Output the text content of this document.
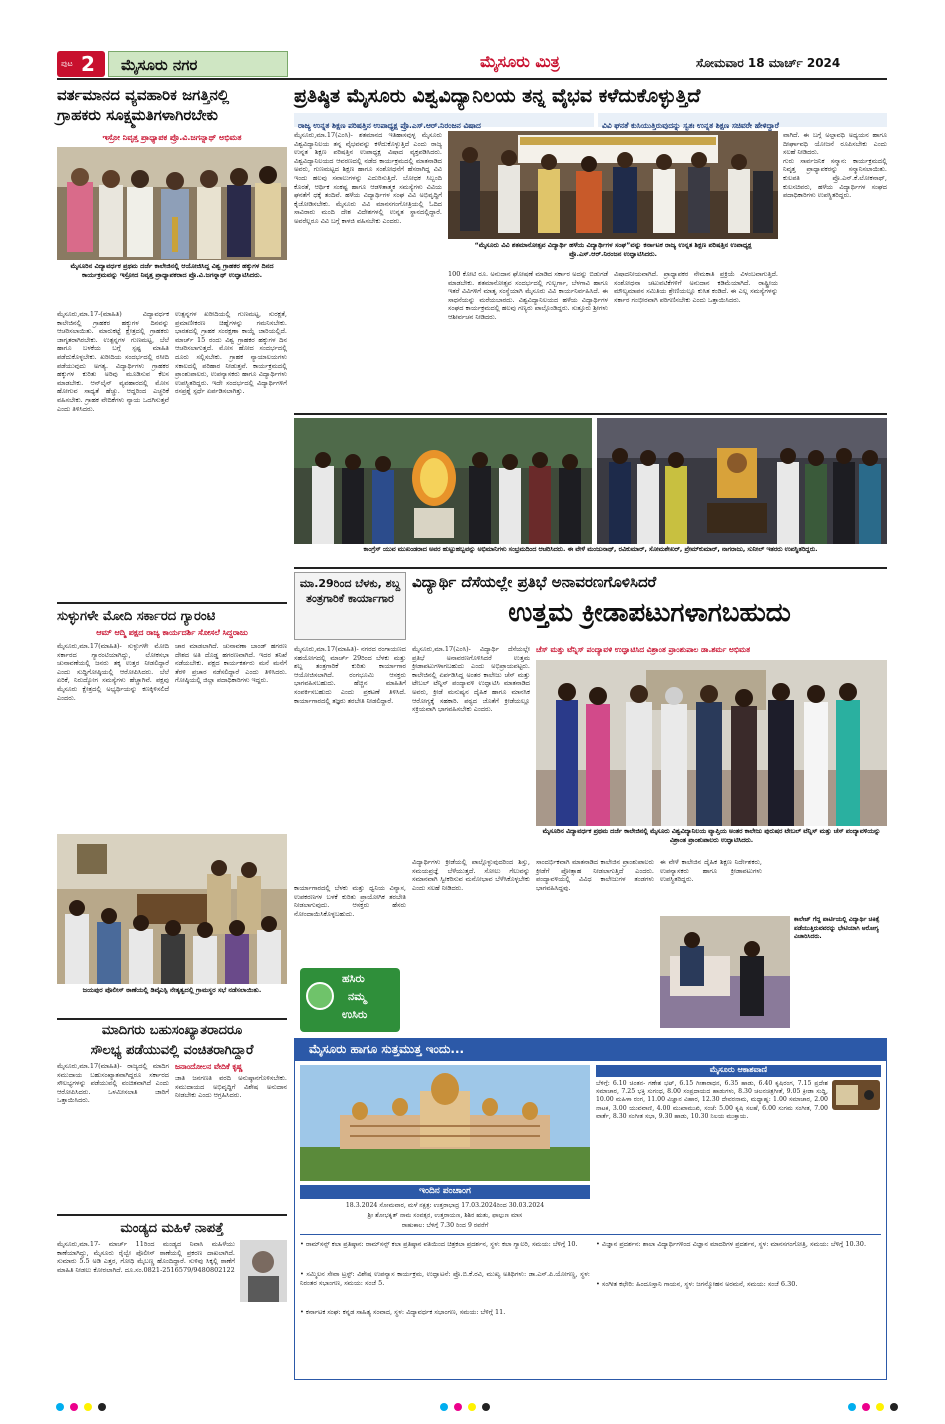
ಪುಟ 2 ಮೈಸೂರು ನಗರ	ಮೈಸೂರು ಮಿತ್ರ	ಸೋಮವಾರ 18 ಮಾರ್ಚ್ 2024
ವರ್ತಮಾನದ ವ್ಯವಹಾರಿಕ ಜಗತ್ತಿನಲ್ಲಿ
ಗ್ರಾಹಕರು ಸೂಕ್ಷ್ಮಮತಿಗಳಾಗಿರಬೇಕು
ಇಸ್ರೋ ನಿವೃತ್ತ ಪ್ರಾಧ್ಯಾಪಕ ಪ್ರೊ.ವಿ.ಜಗನ್ನಾಥ್ ಅಭಿಮತ
ಮೈಸೂರಿನ ವಿದ್ಯಾವರ್ಧಕ ಪ್ರಥಮ ದರ್ಜೆ ಕಾಲೇಜಿನಲ್ಲಿ ಆಯೋಜಿಸಿದ್ದ ವಿಶ್ವ ಗ್ರಾಹಕರ ಹಕ್ಕುಗಳ ದಿನದ ಕಾರ್ಯಕ್ರಮವನ್ನು ಇಸ್ರೋದ ನಿವೃತ್ತ ಪ್ರಾಧ್ಯಾಪಕರಾದ ಪ್ರೊ.ವಿ.ಜಗನ್ನಾಥ್ ಉದ್ಘಾಟಿಸಿದರು.
ಮೈಸೂರು,ಮಾ.17-(ಮಾಹಿತಿ) ವಿದ್ಯಾವರ್ಧಕ ಕಾಲೇಜಿನಲ್ಲಿ ಗ್ರಾಹಕರ ಹಕ್ಕುಗಳ ದಿನವನ್ನು ಆಚರಿಸಲಾಯಿತು. ಮಾರುಕಟ್ಟೆ ಕ್ಷೇತ್ರದಲ್ಲಿ ಗ್ರಾಹಕರು ಜಾಗೃತರಾಗಿರಬೇಕು. ಉತ್ಪನ್ನಗಳ ಗುಣಮಟ್ಟ, ಬೆಲೆ ಹಾಗೂ ಬಳಕೆಯ ಬಗ್ಗೆ ಸ್ಪಷ್ಟ ಮಾಹಿತಿ ಪಡೆದುಕೊಳ್ಳಬೇಕು. ಖರೀದಿಯ ಸಂದರ್ಭದಲ್ಲಿ ರಸೀದಿ ಪಡೆಯುವುದು ಅಗತ್ಯ. ವಿದ್ಯಾರ್ಥಿಗಳು ಗ್ರಾಹಕರ ಹಕ್ಕುಗಳ ಕುರಿತು ಅರಿವು ಮೂಡಿಸುವ ಕೆಲಸ ಮಾಡಬೇಕು. ಆನ್‌ಲೈನ್ ವ್ಯವಹಾರದಲ್ಲಿ ಮೋಸ ಹೋಗುವ ಸಾಧ್ಯತೆ ಹೆಚ್ಚು. ಆದ್ದರಿಂದ ಎಚ್ಚರಿಕೆ ವಹಿಸಬೇಕು. ಗ್ರಾಹಕ ವೇದಿಕೆಗಳು ನ್ಯಾಯ ಒದಗಿಸುತ್ತವೆ ಎಂದು ತಿಳಿಸಿದರು.
ಉತ್ಪನ್ನಗಳ ಖರೀದಿಯಲ್ಲಿ ಗುಣಮಟ್ಟ, ಸುರಕ್ಷತೆ, ಪ್ರಮಾಣೀಕರಣ ಚಿಹ್ನೆಗಳನ್ನು ಗಮನಿಸಬೇಕು. ಭಾರತದಲ್ಲಿ ಗ್ರಾಹಕ ಸಂರಕ್ಷಣಾ ಕಾಯ್ದೆ ಜಾರಿಯಲ್ಲಿದೆ. ಮಾರ್ಚ್ 15 ರಂದು ವಿಶ್ವ ಗ್ರಾಹಕರ ಹಕ್ಕುಗಳ ದಿನ ಆಚರಿಸಲಾಗುತ್ತದೆ. ಮೋಸ ಹೋದ ಸಂದರ್ಭದಲ್ಲಿ ದೂರು ಸಲ್ಲಿಸಬೇಕು. ಗ್ರಾಹಕ ನ್ಯಾಯಾಲಯಗಳು ಸಕಾಲದಲ್ಲಿ ಪರಿಹಾರ ನೀಡುತ್ತವೆ. ಕಾರ್ಯಕ್ರಮದಲ್ಲಿ ಪ್ರಾಂಶುಪಾಲರು, ಉಪನ್ಯಾಸಕರು ಹಾಗೂ ವಿದ್ಯಾರ್ಥಿಗಳು ಉಪಸ್ಥಿತರಿದ್ದರು. ಇದೇ ಸಂದರ್ಭದಲ್ಲಿ ವಿದ್ಯಾರ್ಥಿಗಳಿಗೆ ರಸಪ್ರಶ್ನೆ ಸ್ಪರ್ಧೆ ಏರ್ಪಡಿಸಲಾಗಿತ್ತು.
ಪ್ರತಿಷ್ಠಿತ ಮೈಸೂರು ವಿಶ್ವವಿದ್ಯಾನಿಲಯ ತನ್ನ ವೈಭವ ಕಳೆದುಕೊಳ್ಳುತ್ತಿದೆ
ರಾಜ್ಯ ಉನ್ನತ ಶಿಕ್ಷಣ ಪರಿಷತ್ತಿನ ಉಪಾಧ್ಯಕ್ಷ ಪ್ರೊ.ಎಸ್.ಆರ್.ನಿರಂಜನ ವಿಷಾದ	ವಿವಿ ಘನತೆ ಕುಸಿಯುತ್ತಿರುವುದನ್ನು ಸ್ವತಃ ಉನ್ನತ ಶಿಕ್ಷಣ ಸಚಿವರೇ ಹೇಳಿದ್ದಾರೆ
ಮೈಸೂರು,ಮಾ.17(ಎಂಸಿ)- ಶತಮಾನದ ಇತಿಹಾಸವುಳ್ಳ ಮೈಸೂರು ವಿಶ್ವವಿದ್ಯಾನಿಲಯ ತನ್ನ ವೈಭವವನ್ನು ಕಳೆದುಕೊಳ್ಳುತ್ತಿದೆ ಎಂದು ರಾಜ್ಯ ಉನ್ನತ ಶಿಕ್ಷಣ ಪರಿಷತ್ತಿನ ಉಪಾಧ್ಯಕ್ಷ ವಿಷಾದ ವ್ಯಕ್ತಪಡಿಸಿದರು. ವಿಶ್ವವಿದ್ಯಾನಿಲಯದ ಆವರಣದಲ್ಲಿ ನಡೆದ ಕಾರ್ಯಕ್ರಮದಲ್ಲಿ ಮಾತನಾಡಿದ ಅವರು, ಗುಣಮಟ್ಟದ ಶಿಕ್ಷಣ ಹಾಗೂ ಸಂಶೋಧನೆಗೆ ಹೆಸರಾಗಿದ್ದ ವಿವಿ ಇಂದು ಹಲವು ಸವಾಲುಗಳನ್ನು ಎದುರಿಸುತ್ತಿದೆ. ಬೋಧಕ ಸಿಬ್ಬಂದಿ ಕೊರತೆ, ಆರ್ಥಿಕ ಸಂಕಷ್ಟ ಹಾಗೂ ಆಡಳಿತಾತ್ಮಕ ಸಮಸ್ಯೆಗಳು ವಿವಿಯ ಘನತೆಗೆ ಧಕ್ಕೆ ತಂದಿವೆ. ಹಳೆಯ ವಿದ್ಯಾರ್ಥಿಗಳ ಸಂಘ ವಿವಿ ಅಭಿವೃದ್ಧಿಗೆ ಕೈಜೋಡಿಸಬೇಕು. ಮೈಸೂರು ವಿವಿ ಮಾನಸಗಂಗೋತ್ರಿಯಲ್ಲಿ ಓದಿದ ಸಾವಿರಾರು ಮಂದಿ ದೇಶ ವಿದೇಶಗಳಲ್ಲಿ ಉನ್ನತ ಸ್ಥಾನದಲ್ಲಿದ್ದಾರೆ. ಅವರೆಲ್ಲರೂ ವಿವಿ ಬಗ್ಗೆ ಕಾಳಜಿ ವಹಿಸಬೇಕು ಎಂದರು.
“ಮೈಸೂರು ವಿವಿ ಶತಮಾನೋತ್ಸವ ವಿದ್ಯಾರ್ಥಿ ಹಳೆಯ ವಿದ್ಯಾರ್ಥಿಗಳ ಸಂಘ”ವನ್ನು ಕರ್ನಾಟಕ ರಾಜ್ಯ ಉನ್ನತ ಶಿಕ್ಷಣ ಪರಿಷತ್ತಿನ ಉಪಾಧ್ಯಕ್ಷ ಪ್ರೊ.ಎಸ್.ಆರ್.ನಿರಂಜನ ಉದ್ಘಾಟಿಸಿದರು.
ವಾಗಿದೆ. ಈ ಬಗ್ಗೆ ಅಲ್ಪಾವಧಿ ಅಧ್ಯಯನ ಹಾಗೂ ದೀರ್ಘಾವಧಿ ಯೋಜನೆ ರೂಪಿಸಬೇಕು ಎಂದು ಸಲಹೆ ನೀಡಿದರು.
ಗುರು ಸಾರ್ವಜನಿಕ ಸನ್ಮಾನ: ಕಾರ್ಯಕ್ರಮದಲ್ಲಿ ನಿವೃತ್ತ ಪ್ರಾಧ್ಯಾಪಕರನ್ನು ಸನ್ಮಾನಿಸಲಾಯಿತು. ಕುಲಪತಿ ಪ್ರೊ.ಎನ್.ಕೆ.ಲೋಕನಾಥ್, ಕುಲಸಚಿವರು, ಹಳೆಯ ವಿದ್ಯಾರ್ಥಿಗಳ ಸಂಘದ ಪದಾಧಿಕಾರಿಗಳು ಉಪಸ್ಥಿತರಿದ್ದರು.
100 ಕೋಟಿ ರೂ. ಅನುದಾನ ಘೋಷಣೆ ಮಾಡಿದ ಸರ್ಕಾರ ಅದನ್ನು ಬಿಡುಗಡೆ ಮಾಡಬೇಕು. ಶತಮಾನೋತ್ಸವ ಸಂದರ್ಭದಲ್ಲಿ ಗುಲ್ಬರ್ಗಾ, ಬೆಳಗಾವಿ ಹಾಗೂ ಇತರೆ ವಿವಿಗಳಿಗೆ ಮಾತೃ ಸಂಸ್ಥೆಯಾಗಿ ಮೈಸೂರು ವಿವಿ ಕಾರ್ಯನಿರ್ವಹಿಸಿದೆ. ಈ ಸಾಧನೆಯನ್ನು ಮರೆಯಬಾರದು. ವಿಶ್ವವಿದ್ಯಾನಿಲಯದ ಹಳೆಯ ವಿದ್ಯಾರ್ಥಿಗಳ ಸಂಘದ ಕಾರ್ಯಕ್ರಮದಲ್ಲಿ ಹಲವು ಗಣ್ಯರು ಪಾಲ್ಗೊಂಡಿದ್ದರು. ಸುತ್ತೂರು ಶ್ರೀಗಳು ಆಶೀರ್ವಚನ ನೀಡಿದರು.
ವಿಷಾದನೀಯವಾಗಿದೆ. ಪ್ರಾಧ್ಯಾಪಕರ ನೇಮಕಾತಿ ಪ್ರಕ್ರಿಯೆ ವಿಳಂಬವಾಗುತ್ತಿದೆ. ಸಂಶೋಧನಾ ಚಟುವಟಿಕೆಗಳಿಗೆ ಅನುದಾನ ಕಡಿಮೆಯಾಗಿದೆ. ರಾಷ್ಟ್ರೀಯ ಮೌಲ್ಯಮಾಪನ ಸಮಿತಿಯ ಶ್ರೇಣಿಯಲ್ಲೂ ಕುಸಿತ ಕಂಡಿದೆ. ಈ ಎಲ್ಲ ಸಮಸ್ಯೆಗಳನ್ನು ಸರ್ಕಾರ ಗಂಭೀರವಾಗಿ ಪರಿಗಣಿಸಬೇಕು ಎಂದು ಒತ್ತಾಯಿಸಿದರು.
ಕಾಂಗ್ರೆಸ್ ಯುವ ಮುಖಂಡರಾದ ಅವರ ಹುಟ್ಟುಹಬ್ಬವನ್ನು ಅಭಿಮಾನಿಗಳು ಸಂಭ್ರಮದಿಂದ ಆಚರಿಸಿದರು. ಈ ವೇಳೆ ಮಂಜುನಾಥ್, ರವಿಕುಮಾರ್, ಸೋಮಶೇಖರ್, ಪ್ರೇಮ್‌ಕುಮಾರ್, ನಾಗರಾಜು, ಸುನೀಲ್ ಇತರರು ಉಪಸ್ಥಿತರಿದ್ದರು.
ಸುಳ್ಳುಗಳೇ ಮೋದಿ ಸರ್ಕಾರದ ಗ್ಯಾರಂಟಿ
ಆಮ್ ಆದ್ಮಿ ಪಕ್ಷದ ರಾಜ್ಯ ಕಾರ್ಯದರ್ಶಿ ಸೋಸಲೆ ಸಿದ್ದರಾಜು
ಮೈಸೂರು,ಮಾ.17(ಮಾಹಿತಿ)- ಸುಳ್ಳುಗಳೇ ಮೋದಿ ಸರ್ಕಾರದ ಗ್ಯಾರಂಟಿಯಾಗಿದ್ದು, ಲೋಕಸಭಾ ಚುನಾವಣೆಯಲ್ಲಿ ಜನರು ತಕ್ಕ ಉತ್ತರ ನೀಡಲಿದ್ದಾರೆ ಎಂದು ಸುದ್ದಿಗೋಷ್ಠಿಯಲ್ಲಿ ಆರೋಪಿಸಿದರು. ಬೆಲೆ ಏರಿಕೆ, ನಿರುದ್ಯೋಗ ಸಮಸ್ಯೆಗಳು ಹೆಚ್ಚಾಗಿವೆ. ಪಕ್ಷವು ಮೈಸೂರು ಕ್ಷೇತ್ರದಲ್ಲಿ ಅಭ್ಯರ್ಥಿಯನ್ನು ಕಣಕ್ಕಿಳಿಸಲಿದೆ ಎಂದರು.
ಚಾರ ಮಾಡಲಾಗಿದೆ. ಚುನಾವಣಾ ಬಾಂಡ್ ಹಗರಣ ದೇಶದ ಅತಿ ದೊಡ್ಡ ಹಗರಣವಾಗಿದೆ. ಇದರ ತನಿಖೆ ನಡೆಯಬೇಕು. ಪಕ್ಷದ ಕಾರ್ಯಕರ್ತರು ಮನೆ ಮನೆಗೆ ತೆರಳಿ ಪ್ರಚಾರ ನಡೆಸಲಿದ್ದಾರೆ ಎಂದು ತಿಳಿಸಿದರು. ಗೋಷ್ಠಿಯಲ್ಲಿ ಜಿಲ್ಲಾ ಪದಾಧಿಕಾರಿಗಳು ಇದ್ದರು.
ಜಯಪುರ ಪೊಲೀಸ್ ಠಾಣೆಯಲ್ಲಿ ಡಿವೈಎಸ್ಪಿ ನೇತೃತ್ವದಲ್ಲಿ ಗ್ರಾಮಸ್ಥರ ಸಭೆ ನಡೆಸಲಾಯಿತು.
ಮಾ.29ರಿಂದ ಬೆಳಕು, ಶಬ್ದ ತಂತ್ರಗಾರಿಕೆ ಕಾರ್ಯಾಗಾರ
ಮೈಸೂರು,ಮಾ.17(ಮಾಹಿತಿ)- ನಗರದ ರಂಗಾಯಣದ ಸಹಯೋಗದಲ್ಲಿ ಮಾರ್ಚ್ 29ರಿಂದ ಬೆಳಕು ಮತ್ತು ಶಬ್ದ ತಂತ್ರಗಾರಿಕೆ ಕುರಿತು ಕಾರ್ಯಾಗಾರ ಆಯೋಜಿಸಲಾಗಿದೆ. ರಂಗಭೂಮಿ ಆಸಕ್ತರು ಭಾಗವಹಿಸಬಹುದು. ಹೆಚ್ಚಿನ ಮಾಹಿತಿಗೆ ಸಂಪರ್ಕಿಸಬಹುದು ಎಂದು ಪ್ರಕಟಣೆ ತಿಳಿಸಿದೆ. ಕಾರ್ಯಾಗಾರದಲ್ಲಿ ತಜ್ಞರು ತರಬೇತಿ ನೀಡಲಿದ್ದಾರೆ.
ಕಾರ್ಯಾಗಾರದಲ್ಲಿ ಬೆಳಕು ಮತ್ತು ಧ್ವನಿಯ ವಿನ್ಯಾಸ, ಉಪಕರಣಗಳ ಬಳಕೆ ಕುರಿತು ಪ್ರಾಯೋಗಿಕ ತರಬೇತಿ ನೀಡಲಾಗುವುದು. ಆಸಕ್ತರು ಹೆಸರು ನೋಂದಾಯಿಸಿಕೊಳ್ಳಬಹುದು.
ಹಸಿರು
ನಮ್ಮ
ಉಸಿರು
ವಿದ್ಯಾರ್ಥಿ ದೆಸೆಯಲ್ಲೇ ಪ್ರತಿಭೆ ಅನಾವರಣಗೊಳಿಸಿದರೆ
ಉತ್ತಮ ಕ್ರೀಡಾಪಟುಗಳಾಗಬಹುದು
ಮೈಸೂರು,ಮಾ.17(ಎಂಸಿ)- ವಿದ್ಯಾರ್ಥಿ ದೆಸೆಯಲ್ಲೇ ಪ್ರತಿಭೆ ಅನಾವರಣಗೊಳಿಸಿದರೆ ಉತ್ತಮ ಕ್ರೀಡಾಪಟುಗಳಾಗಬಹುದು ಎಂದು ಅಭಿಪ್ರಾಯಪಟ್ಟರು. ಕಾಲೇಜಿನಲ್ಲಿ ಏರ್ಪಡಿಸಿದ್ದ ಅಂತರ ಕಾಲೇಜು ಚೆಸ್ ಮತ್ತು ಟೇಬಲ್ ಟೆನ್ನಿಸ್ ಪಂದ್ಯಾವಳಿ ಉದ್ಘಾಟಿಸಿ ಮಾತನಾಡಿದ ಅವರು, ಕ್ರೀಡೆ ಮನುಷ್ಯನ ದೈಹಿಕ ಹಾಗೂ ಮಾನಸಿಕ ಆರೋಗ್ಯಕ್ಕೆ ಸಹಕಾರಿ. ಪಠ್ಯದ ಜೊತೆಗೆ ಕ್ರೀಡೆಯಲ್ಲೂ ಸಕ್ರಿಯವಾಗಿ ಭಾಗವಹಿಸಬೇಕು ಎಂದರು.
ಚೆಸ್ ಮತ್ತು ಟೆನ್ನಿಸ್ ಪಂದ್ಯಾವಳಿ ಉದ್ಘಾಟಿಸಿದ ವಿಶ್ರಾಂತ ಪ್ರಾಂಶುಪಾಲ ಡಾ.ಶರ್ಮ ಅಭಿಮತ
ಮೈಸೂರಿನ ವಿದ್ಯಾವರ್ಧಕ ಪ್ರಥಮ ದರ್ಜೆ ಕಾಲೇಜಿನಲ್ಲಿ ಮೈಸೂರು ವಿಶ್ವವಿದ್ಯಾನಿಲಯ ವ್ಯಾಪ್ತಿಯ ಅಂತರ ಕಾಲೇಜು ಪುರುಷರ ಟೇಬಲ್ ಟೆನ್ನಿಸ್ ಮತ್ತು ಚೆಸ್ ಪಂದ್ಯಾವಳಿಯನ್ನು ವಿಶ್ರಾಂತ ಪ್ರಾಂಶುಪಾಲರು ಉದ್ಘಾಟಿಸಿದರು.
ವಿದ್ಯಾರ್ಥಿಗಳು ಕ್ರೀಡೆಯಲ್ಲಿ ಪಾಲ್ಗೊಳ್ಳುವುದರಿಂದ ಶಿಸ್ತು, ಸಮಯಪ್ರಜ್ಞೆ ಬೆಳೆಯುತ್ತದೆ. ಸೋಲು ಗೆಲುವನ್ನು ಸಮಾನವಾಗಿ ಸ್ವೀಕರಿಸುವ ಮನೋಭಾವ ಬೆಳೆಸಿಕೊಳ್ಳಬೇಕು ಎಂದು ಸಲಹೆ ನೀಡಿದರು.
ಸಾಂದರ್ಭಿಕವಾಗಿ ಮಾತನಾಡಿದ ಕಾಲೇಜಿನ ಪ್ರಾಂಶುಪಾಲರು ಕ್ರೀಡೆಗೆ ಪ್ರೋತ್ಸಾಹ ನೀಡಲಾಗುತ್ತಿದೆ ಎಂದರು. ಪಂದ್ಯಾವಳಿಯಲ್ಲಿ ವಿವಿಧ ಕಾಲೇಜುಗಳ ತಂಡಗಳು ಭಾಗವಹಿಸಿದ್ದವು.
ಈ ವೇಳೆ ಕಾಲೇಜಿನ ದೈಹಿಕ ಶಿಕ್ಷಣ ನಿರ್ದೇಶಕರು, ಉಪನ್ಯಾಸಕರು ಹಾಗೂ ಕ್ರೀಡಾಪಟುಗಳು ಉಪಸ್ಥಿತರಿದ್ದರು.
ಕಾಲೇಜ್ ಗೆದ್ದ ಪಾರ್ಟಿಯಲ್ಲಿ ವಿದ್ಯಾರ್ಥಿ ಚಿಕಿತ್ಸೆ ಪಡೆಯುತ್ತಿರುವವರನ್ನು ಭೇಟಿಯಾಗಿ ಆರೋಗ್ಯ ವಿಚಾರಿಸಿದರು.
ಮಾದಿಗರು ಬಹುಸಂಖ್ಯಾತರಾದರೂ
ಸೌಲಭ್ಯ ಪಡೆಯುವಲ್ಲಿ ವಂಚಿತರಾಗಿದ್ದಾರೆ
ಮೈಸೂರು,ಮಾ.17(ಮಾಹಿತಿ)- ರಾಜ್ಯದಲ್ಲಿ ಮಾದಿಗ ಸಮುದಾಯ ಬಹುಸಂಖ್ಯಾತವಾಗಿದ್ದರೂ ಸರ್ಕಾರದ ಸೌಲಭ್ಯಗಳನ್ನು ಪಡೆಯುವಲ್ಲಿ ವಂಚಿತವಾಗಿದೆ ಎಂದು ಆರೋಪಿಸಿದರು. ಒಳಮೀಸಲಾತಿ ಜಾರಿಗೆ ಒತ್ತಾಯಿಸಿದರು.
ಜನಾಂದೋಲನ ವೇದಿಕೆ ಕೃಷ್ಣ
ಜಾತಿ ಜನಗಣತಿ ವರದಿ ಅನುಷ್ಠಾನಗೊಳಿಸಬೇಕು. ಸಮುದಾಯದ ಅಭಿವೃದ್ಧಿಗೆ ವಿಶೇಷ ಅನುದಾನ ನೀಡಬೇಕು ಎಂದು ಆಗ್ರಹಿಸಿದರು.
ಮಂಡ್ಯದ ಮಹಿಳೆ ನಾಪತ್ತೆ
ಮೈಸೂರು,ಮಾ.17- ಮಾರ್ಚ್ 11ರಿಂದ ಮಂಡ್ಯದ ನಿವಾಸಿ ಮಹಿಳೆಯು ಕಾಣೆಯಾಗಿದ್ದು, ಮೈಸೂರು ರೈಲ್ವೇ ಪೊಲೀಸ್ ಠಾಣೆಯಲ್ಲಿ ಪ್ರಕರಣ ದಾಖಲಾಗಿದೆ. ಸುಮಾರು 5.5 ಅಡಿ ಎತ್ತರ, ಗೋಧಿ ಮೈಬಣ್ಣ ಹೊಂದಿದ್ದಾರೆ. ಸುಳಿವು ಸಿಕ್ಕಲ್ಲಿ ಠಾಣೆಗೆ ಮಾಹಿತಿ ನೀಡಲು ಕೋರಲಾಗಿದೆ. ದೂ.ಸಂ.0821-2516579/9480802122
ಮೈಸೂರು ಹಾಗೂ ಸುತ್ತಮುತ್ತ ಇಂದು...
ಇಂದಿನ ಪಂಚಾಂಗ
18.3.2024 ಸೋಮವಾರ, ಮಳೆ ನಕ್ಷತ್ರ: ಉತ್ತರಾಭಾದ್ರ 17.03.2024ರಿಂದ 30.03.2024
ಶ್ರೀ ಶೋಭಕೃತ್ ನಾಮ ಸಂವತ್ಸರ, ಉತ್ತರಾಯಣ, ಶಿಶಿರ ಋತು, ಫಾಲ್ಗುಣ ಮಾಸ
ರಾಹುಕಾಲ: ಬೆಳಿಗ್ಗೆ 7.30 ರಿಂದ 9 ರವರೆಗೆ
ಮೈಸೂರು ಆಕಾಶವಾಣಿ
ಬೆಳಿಗ್ಗೆ: 6.10 ಚಿಂತನ- ಗಣೇಶ ಭಟ್, 6.15 ಗೀತಾರಾಧನ, 6.35 ಹಾಡು, 6.40 ಕೃಷಿರಂಗ, 7.15 ಪ್ರದೇಶ ಸಮಾಚಾರ, 7.25 ಭಕ್ತಿ ಸುಗಂಧ, 8.00 ಸಂಪ್ರದಾಯದ ಹಾಡುಗಳು, 8.30 ಚಲನಚಿತ್ರಗೀತೆ, 9.05 ಕ್ರೀಡಾ ಸುದ್ದಿ, 10.00 ಮಹಿಳಾ ರಂಗ, 11.00 ವಿಜ್ಞಾನ ವಿಹಾರ, 12.30 ದೇವರನಾಮ, ಮಧ್ಯಾಹ್ನ: 1.00 ಸಮಾಚಾರ, 2.00 ನಾಟಕ, 3.00 ಯುವವಾಣಿ, 4.00 ಮುಖಾಮುಖಿ, ಸಂಜೆ: 5.00 ಕೃಷಿ ಸಲಹೆ, 6.00 ಸುಗಮ ಸಂಗೀತ, 7.00 ವಾರ್ತೆ, 8.30 ಸಂಗೀತ ಸಭಾ, 9.30 ಹಾಡು, 10.30 ನಿಲಯ ಮುಕ್ತಾಯ.
• ರಾಮ್‌ಸನ್ಸ್ ಕಲಾ ಪ್ರತಿಷ್ಠಾನ: ರಾಮ್‌ಸನ್ಸ್ ಕಲಾ ಪ್ರತಿಷ್ಠಾನ ವತಿಯಿಂದ ಚಿತ್ರಕಲಾ ಪ್ರದರ್ಶನ, ಸ್ಥಳ: ಕಲಾ ಗ್ಯಾಲರಿ, ಸಮಯ: ಬೆಳಿಗ್ಗೆ 10.
• ಸಮ್ಮಿಲನ ಸೇವಾ ಟ್ರಸ್ಟ್: ವಿಶೇಷ ಉಪನ್ಯಾಸ ಕಾರ್ಯಕ್ರಮ, ಉದ್ಘಾಟನೆ: ಪ್ರೊ.ಬಿ.ಕೆ.ರವಿ, ಮುಖ್ಯ ಅತಿಥಿಗಳು: ಡಾ.ಎಸ್.ಪಿ.ಯೋಗಣ್ಣ, ಸ್ಥಳ: ನಿರಂತರ ಸಭಾಂಗಣ, ಸಮಯ: ಸಂಜೆ 5.
• ಕರ್ನಾಟಕ ಸಂಘ: ಕನ್ನಡ ಸಾಹಿತ್ಯ ಸಂವಾದ, ಸ್ಥಳ: ವಿದ್ಯಾವರ್ಧಕ ಸಭಾಂಗಣ, ಸಮಯ: ಬೆಳಿಗ್ಗೆ 11.
• ವಿಜ್ಞಾನ ಪ್ರದರ್ಶನ: ಶಾಲಾ ವಿದ್ಯಾರ್ಥಿಗಳಿಂದ ವಿಜ್ಞಾನ ಮಾದರಿಗಳ ಪ್ರದರ್ಶನ, ಸ್ಥಳ: ಮಾನಸಗಂಗೋತ್ರಿ, ಸಮಯ: ಬೆಳಿಗ್ಗೆ 10.30.
• ಸಂಗೀತ ಕಛೇರಿ: ಹಿಂದೂಸ್ತಾನಿ ಗಾಯನ, ಸ್ಥಳ: ಜಗನ್ಮೋಹನ ಅರಮನೆ, ಸಮಯ: ಸಂಜೆ 6.30.
